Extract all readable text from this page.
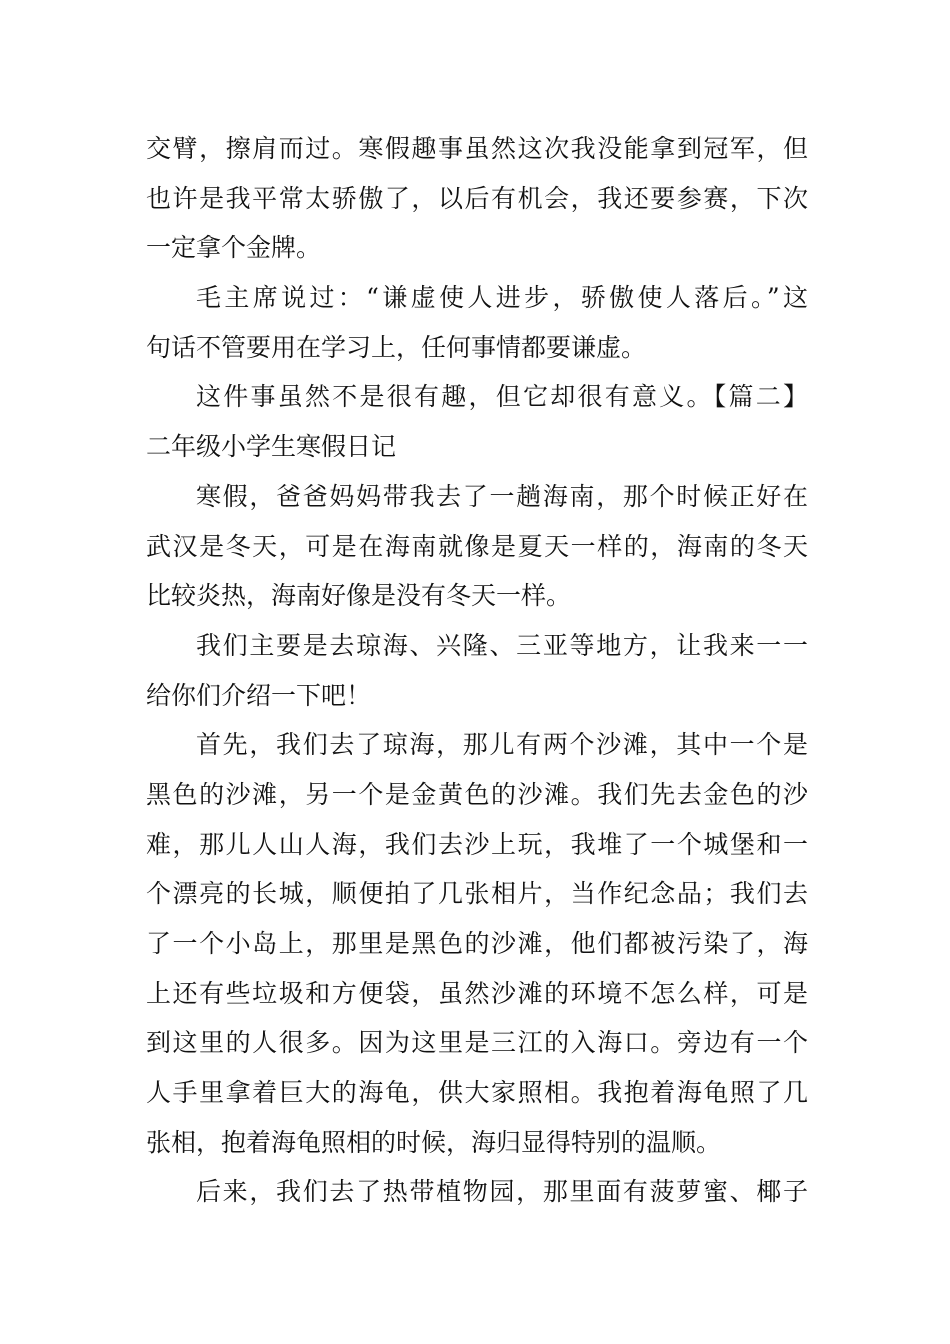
交臂，擦肩而过。寒假趣事虽然这次我没能拿到冠军，但
也许是我平常太骄傲了，以后有机会，我还要参赛，下次
一定拿个金牌。
毛主席说过：“谦虚使人进步，骄傲使人落后。”这
句话不管要用在学习上，任何事情都要谦虚。
这件事虽然不是很有趣，但它却很有意义。【篇二】
二年级小学生寒假日记
寒假，爸爸妈妈带我去了一趟海南，那个时候正好在
武汉是冬天，可是在海南就像是夏天一样的，海南的冬天
比较炎热，海南好像是没有冬天一样。
我们主要是去琼海、兴隆、三亚等地方，让我来一一
给你们介绍一下吧！
首先，我们去了琼海，那儿有两个沙滩，其中一个是
黑色的沙滩，另一个是金黄色的沙滩。我们先去金色的沙
难，那儿人山人海，我们去沙上玩，我堆了一个城堡和一
个漂亮的长城，顺便拍了几张相片，当作纪念品；我们去
了一个小岛上，那里是黑色的沙滩，他们都被污染了，海
上还有些垃圾和方便袋，虽然沙滩的环境不怎么样，可是
到这里的人很多。因为这里是三江的入海口。旁边有一个
人手里拿着巨大的海龟，供大家照相。我抱着海龟照了几
张相，抱着海龟照相的时候，海归显得特别的温顺。
后来，我们去了热带植物园，那里面有菠萝蜜、椰子
